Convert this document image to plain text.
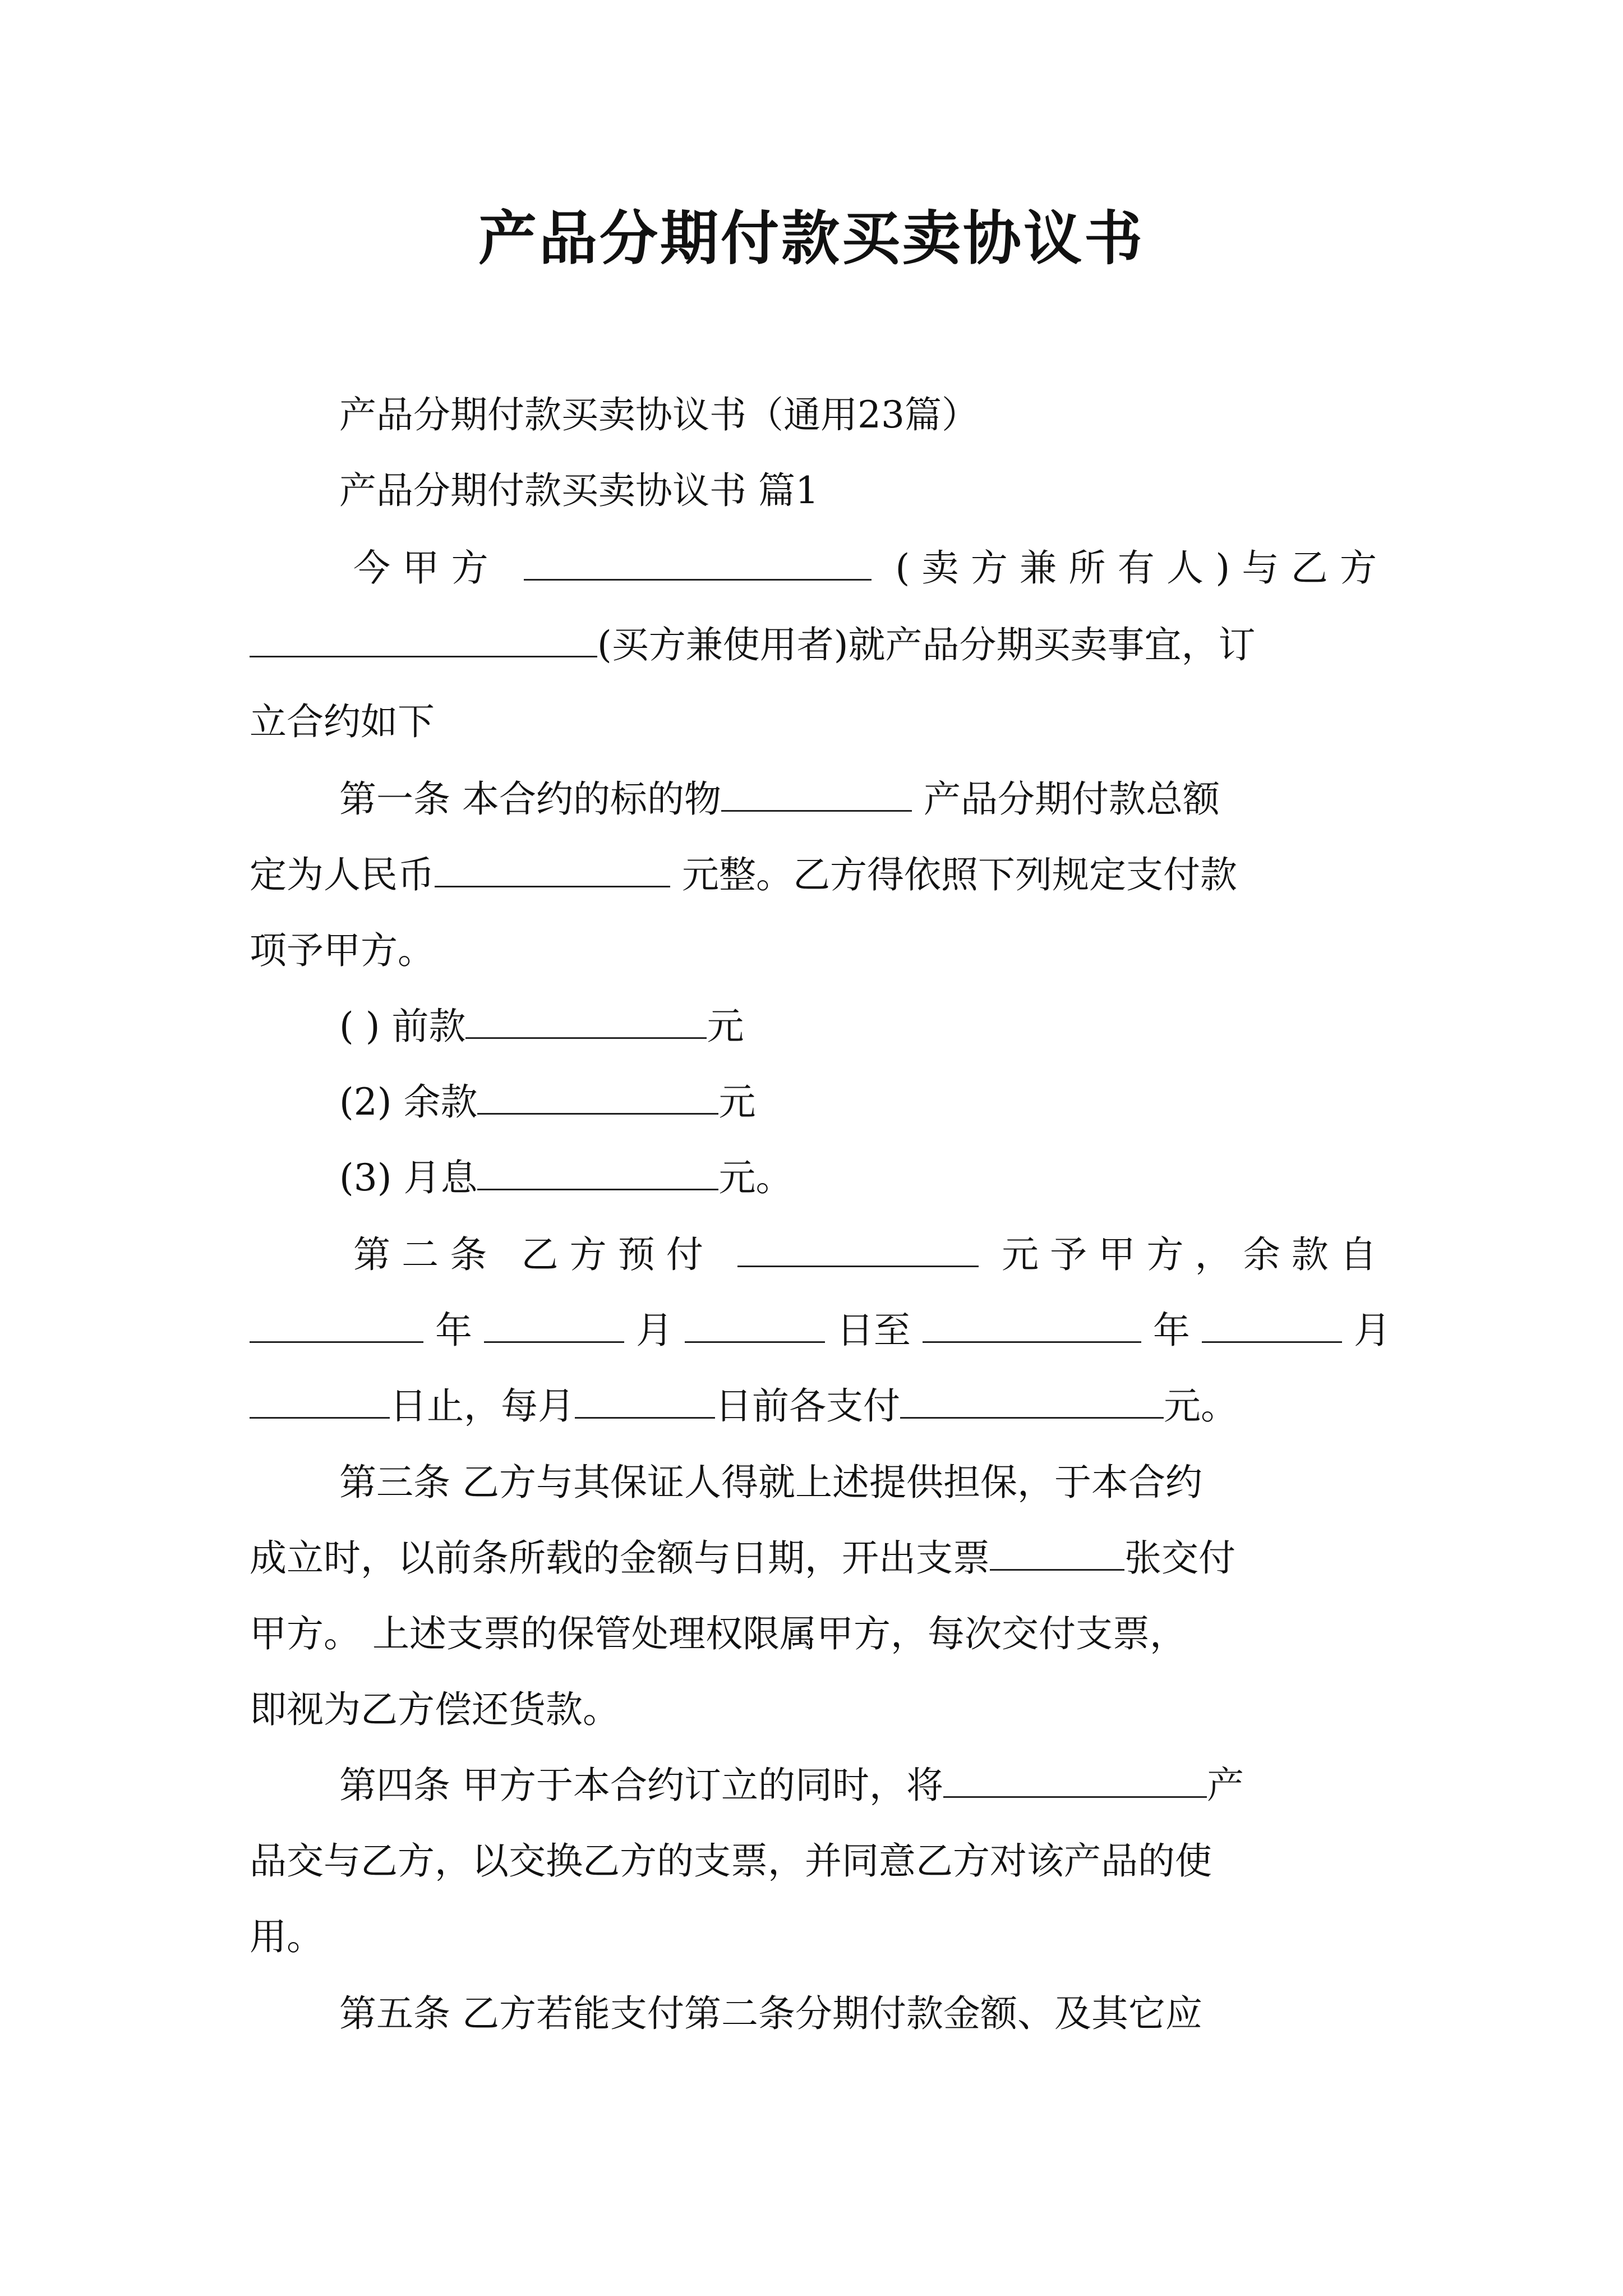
产品分期付款买卖协议书
产品分期付款买卖协议书（通用23篇）
产品分期付款买卖协议书 篇1
今甲方	(卖方兼所有人)与乙方
(买方兼使用者)就产品分期买卖事宜，订
立合约如下
第一条 本合约的标的物	产品分期付款总额
定为人民币	元整。乙方得依照下列规定支付款
项予甲方。
( ) 前款	元
(2) 余款	元
(3) 月息	元。
第二条 乙方预付	元予甲方，余款自
年	月	日至	年	月
日止，每月	日前各支付	元。
第三条 乙方与其保证人得就上述提供担保，于本合约
成立时，以前条所载的金额与日期，开出支票	张交付
甲方。 上述支票的保管处理权限属甲方，每次交付支票，
即视为乙方偿还货款。
第四条 甲方于本合约订立的同时，将	产
品交与乙方，以交换乙方的支票，并同意乙方对该产品的使
用。
第五条 乙方若能支付第二条分期付款金额、及其它应
